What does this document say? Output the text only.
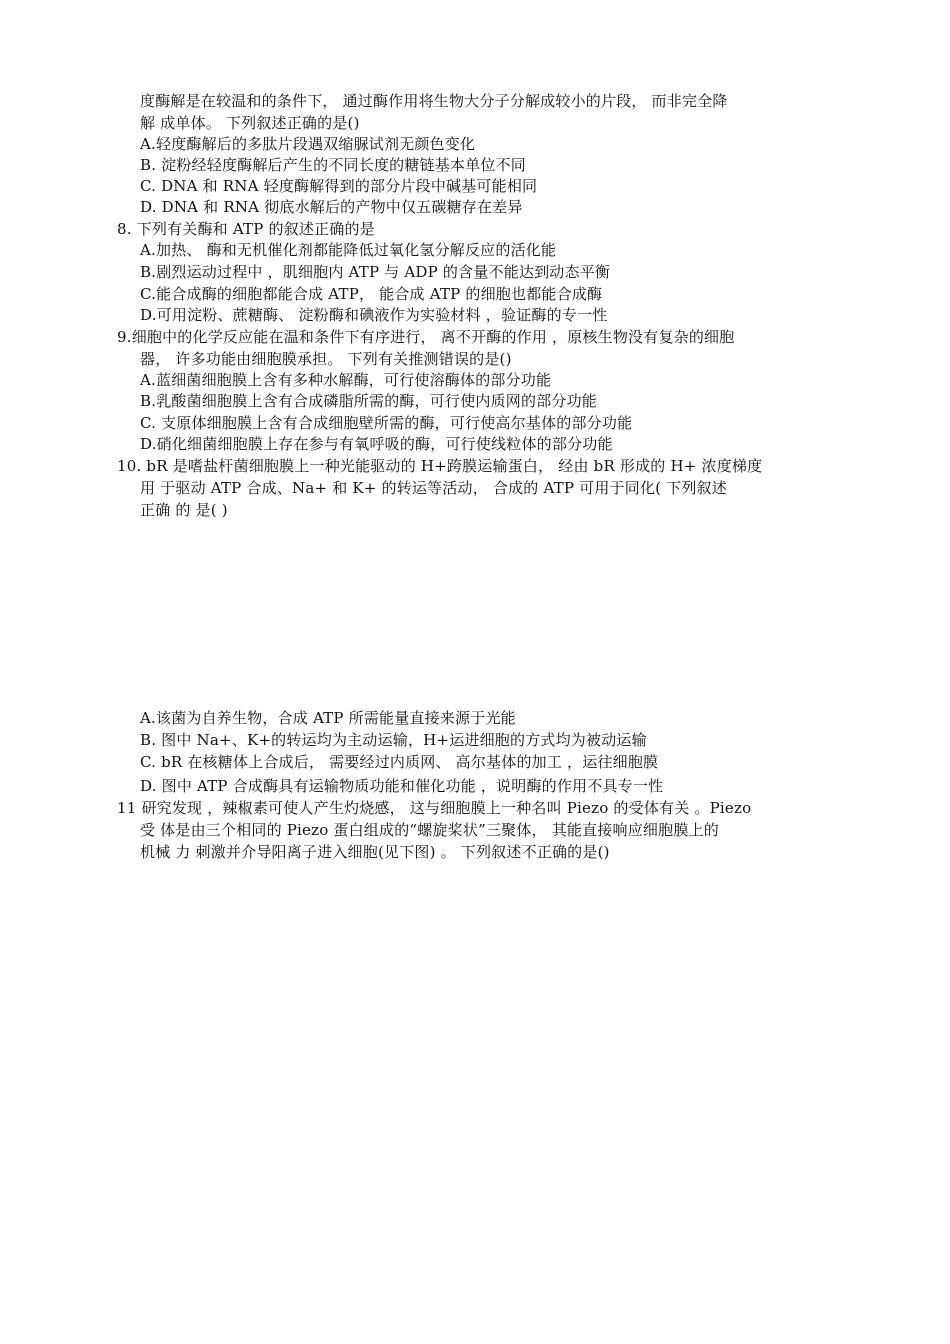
度酶解是在较温和的条件下， 通过酶作用将生物大分子分解成较小的片段， 而非完全降
解 成单体。 下列叙述正确的是()
A.轻度酶解后的多肽片段遇双缩脲试剂无颜色变化
B. 淀粉经轻度酶解后产生的不同长度的糖链基本单位不同
C. DNA 和 RNA 轻度酶解得到的部分片段中碱基可能相同
D. DNA 和 RNA 彻底水解后的产物中仅五碳糖存在差异
8. 下列有关酶和 ATP 的叙述正确的是
A.加热、 酶和无机催化剂都能降低过氧化氢分解反应的活化能
B.剧烈运动过程中 ，肌细胞内 ATP 与 ADP 的含量不能达到动态平衡
C.能合成酶的细胞都能合成 ATP， 能合成 ATP 的细胞也都能合成酶
D.可用淀粉、蔗糖酶、 淀粉酶和碘液作为实验材料 ，验证酶的专一性
9.细胞中的化学反应能在温和条件下有序进行， 离不开酶的作用 ，原核生物没有复杂的细胞
器， 许多功能由细胞膜承担。 下列有关推测错误的是()
A.蓝细菌细胞膜上含有多种水解酶，可行使溶酶体的部分功能
B.乳酸菌细胞膜上含有合成磷脂所需的酶，可行使内质网的部分功能
C. 支原体细胞膜上含有合成细胞壁所需的酶，可行使高尔基体的部分功能
D.硝化细菌细胞膜上存在参与有氧呼吸的酶，可行使线粒体的部分功能
10. bR 是嗜盐杆菌细胞膜上一种光能驱动的 H+跨膜运输蛋白， 经由 bR 形成的 H+ 浓度梯度
用 于驱动 ATP 合成、Na+ 和 K+ 的转运等活动， 合成的 ATP 可用于同化( 下列叙述
正确 的 是( )
A.该菌为自养生物，合成 ATP 所需能量直接来源于光能
B. 图中 Na+、K+的转运均为主动运输，H+运进细胞的方式均为被动运输
C. bR 在核糖体上合成后， 需要经过内质网、 高尔基体的加工 ，运往细胞膜
D. 图中 ATP 合成酶具有运输物质功能和催化功能 ，说明酶的作用不具专一性
11 研究发现 ，辣椒素可使人产生灼烧感， 这与细胞膜上一种名叫 Piezo 的受体有关 。Piezo
受 体是由三个相同的 Piezo 蛋白组成的“螺旋桨状”三聚体， 其能直接响应细胞膜上的
机械 力 刺激并介导阳离子进入细胞(见下图) 。 下列叙述不正确的是()
